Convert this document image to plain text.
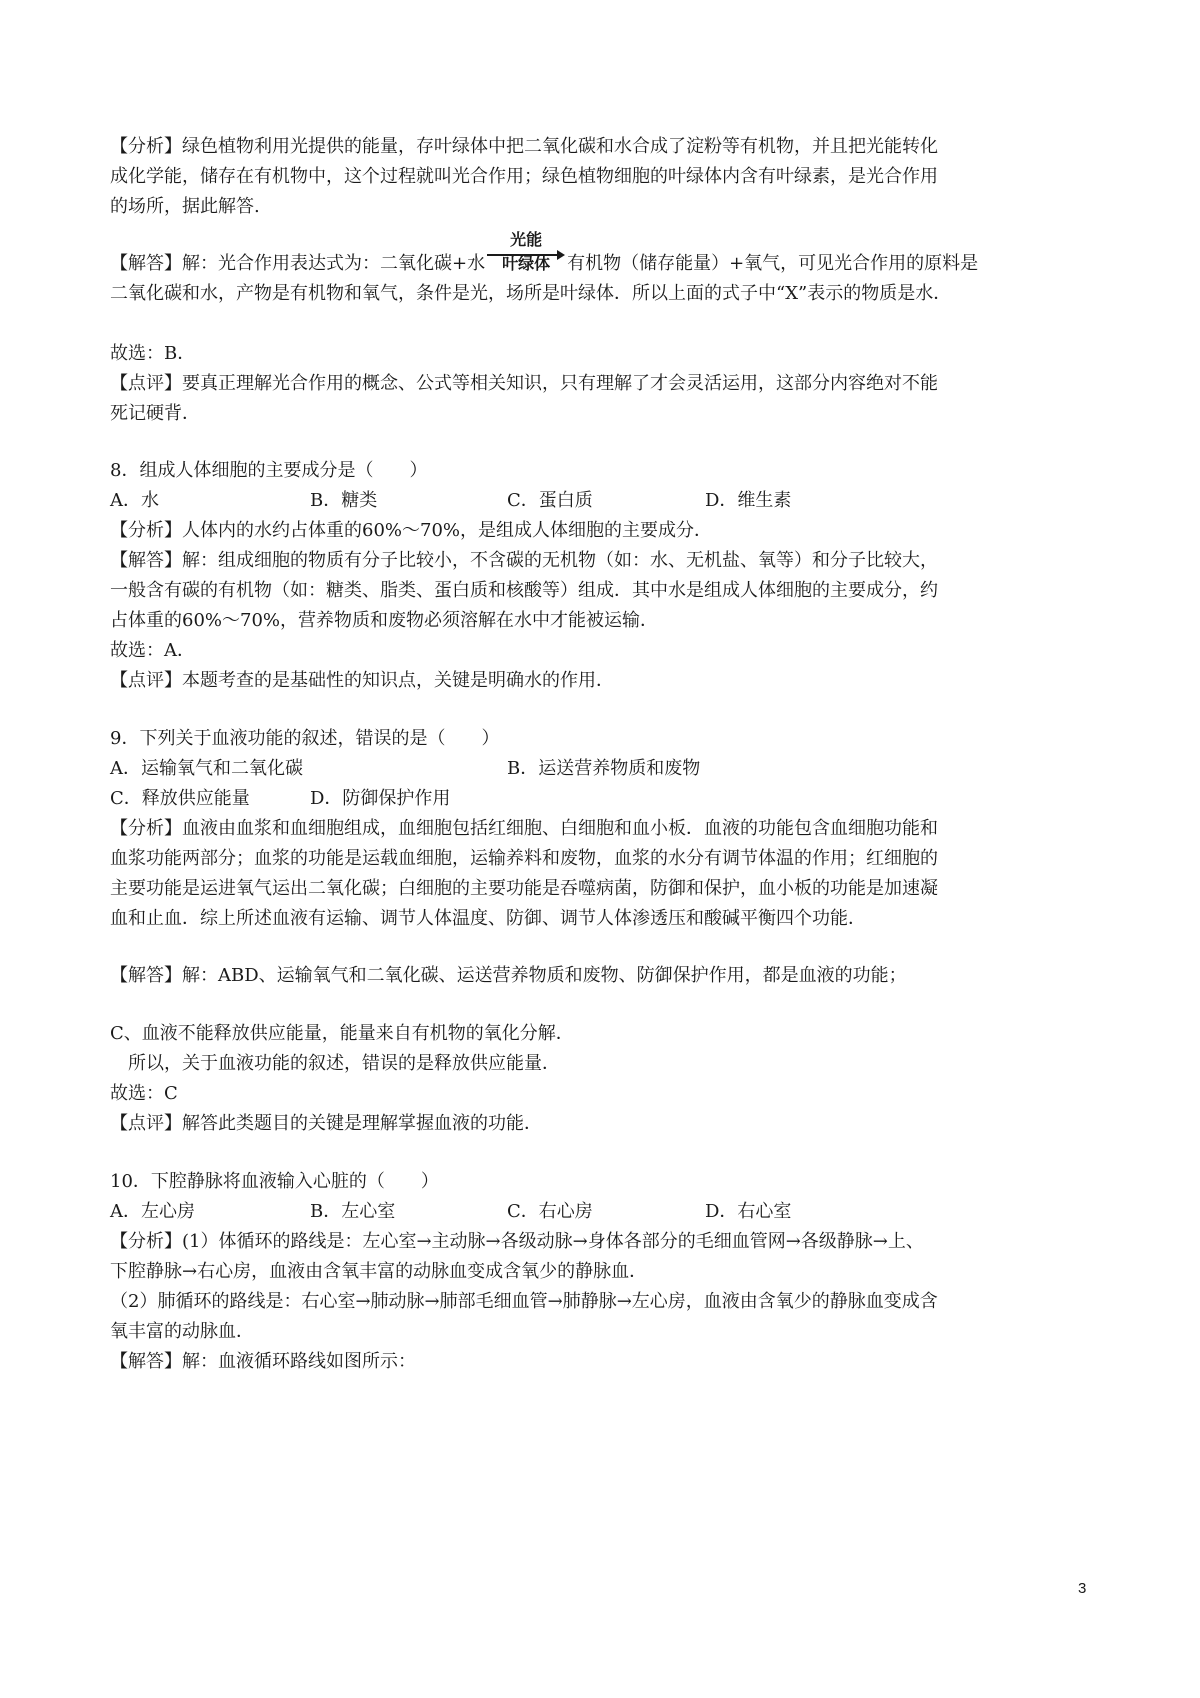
【分析】绿色植物利用光提供的能量，存叶绿体中把二氧化碳和水合成了淀粉等有机物，并且把光能转化
成化学能，储存在有机物中，这个过程就叫光合作用；绿色植物细胞的叶绿体内含有叶绿素，是光合作用
的场所，据此解答.
【解答】解：光合作用表达式为：二氧化碳+水
光能
叶绿体 有机物（储存能量）+氧气，可见光合作用的原料是
二氧化碳和水，产物是有机物和氧气，条件是光，场所是叶绿体．所以上面的式子中“X”表示的物质是水．
故选：B．
【点评】要真正理解光合作用的概念、公式等相关知识，只有理解了才会灵活运用，这部分内容绝对不能
死记硬背．
8．组成人体细胞的主要成分是（　　）
A．水	B．糖类	C．蛋白质	D．维生素
【分析】人体内的水约占体重的60%～70%，是组成人体细胞的主要成分．
【解答】解：组成细胞的物质有分子比较小，不含碳的无机物（如：水、无机盐、氧等）和分子比较大，
一般含有碳的有机物（如：糖类、脂类、蛋白质和核酸等）组成．其中水是组成人体细胞的主要成分，约
占体重的60%～70%，营养物质和废物必须溶解在水中才能被运输．
故选：A．
【点评】本题考查的是基础性的知识点，关键是明确水的作用．
9．下列关于血液功能的叙述，错误的是（　　）
A．运输氧气和二氧化碳	B．运送营养物质和废物
C．释放供应能量	D．防御保护作用
【分析】血液由血浆和血细胞组成，血细胞包括红细胞、白细胞和血小板．血液的功能包含血细胞功能和
血浆功能两部分；血浆的功能是运载血细胞，运输养料和废物，血浆的水分有调节体温的作用；红细胞的
主要功能是运进氧气运出二氧化碳；白细胞的主要功能是吞噬病菌，防御和保护，血小板的功能是加速凝
血和止血．综上所述血液有运输、调节人体温度、防御、调节人体渗透压和酸碱平衡四个功能．
【解答】解：ABD、运输氧气和二氧化碳、运送营养物质和废物、防御保护作用，都是血液的功能；
C、血液不能释放供应能量，能量来自有机物的氧化分解．
　所以，关于血液功能的叙述，错误的是释放供应能量．
故选：C
【点评】解答此类题目的关键是理解掌握血液的功能．
10．下腔静脉将血液输入心脏的（　　）
A．左心房	B．左心室	C．右心房	D．右心室
【分析】(1）体循环的路线是：左心室→主动脉→各级动脉→身体各部分的毛细血管网→各级静脉→上、
下腔静脉→右心房，血液由含氧丰富的动脉血变成含氧少的静脉血．
（2）肺循环的路线是：右心室→肺动脉→肺部毛细血管→肺静脉→左心房，血液由含氧少的静脉血变成含
氧丰富的动脉血．
【解答】解：血液循环路线如图所示：
3
